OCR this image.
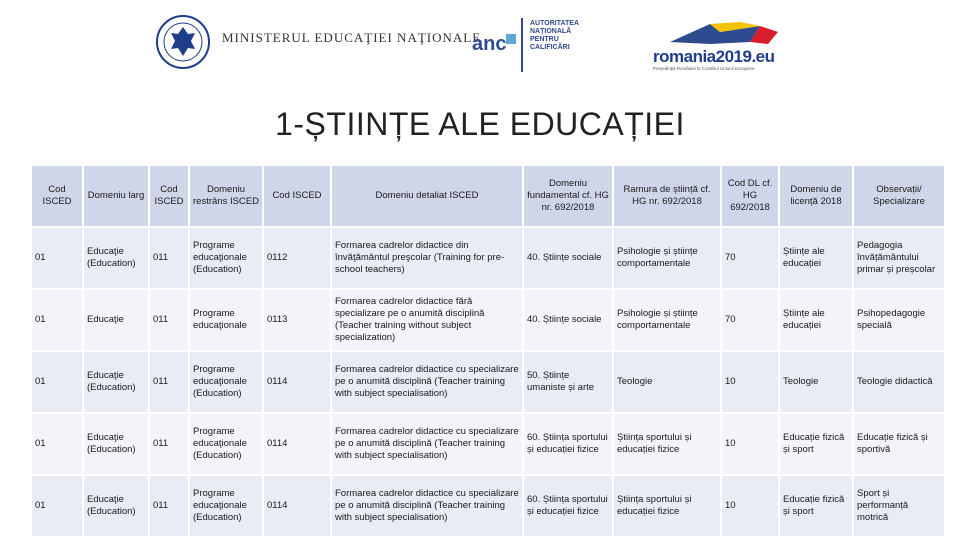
MINISTERUL EDUCAŢIEI NAŢIONALE
anc
AUTORITATEA NAȚIONALĂ PENTRU CALIFICĂRI	romania2019.eu
Președinția României la Consiliul Uniunii Europene
1-ȘTIINȚE ALE EDUCAȚIEI
Cod ISCED	Domeniu larg	Cod ISCED	Domeniu restrâns ISCED	Cod ISCED	Domeniu detaliat ISCED	Domeniu fundamental cf. HG nr. 692/2018	Ramura de știință cf. HG nr. 692/2018	Cod DL cf. HG 692/2018	Domeniu de licență 2018	Observații/ Specializare
01	Educaţie (Education)	011	Programe educaţionale (Education)	0112	Formarea cadrelor didactice din învăţământul preşcolar (Training for pre-school teachers)	40. Științe sociale	Psihologie și științe comportamentale	70	Științe ale educației	Pedagogia învățământului primar și preșcolar
01	Educaţie	011	Programe educaţionale	0113	Formarea cadrelor didactice fără specializare pe o anumită disciplină (Teacher training without subject specialization)	40. Științe sociale	Psihologie și științe comportamentale	70	Științe ale educației	Psihopedagogie specială
01	Educaţie (Education)	011	Programe educaţionale (Education)	0114	Formarea cadrelor didactice cu specializare pe o anumită disciplină (Teacher training with subject specialisation)	50. Științe umaniste și arte	Teologie	10	Teologie	Teologie didactică
01	Educaţie (Education)	011	Programe educaţionale (Education)	0114	Formarea cadrelor didactice cu specializare pe o anumită disciplină (Teacher training with subject specialisation)	60. Știința sportului și educației fizice	Știința sportului și educației fizice	10	Educație fizică și sport	Educație fizică și sportivă
01	Educaţie (Education)	011	Programe educaţionale (Education)	0114	Formarea cadrelor didactice cu specializare pe o anumită disciplină (Teacher training with subject specialisation)	60. Știința sportului și educației fizice	Știința sportului și educației fizice	10	Educație fizică și sport	Sport și performanță motrică
